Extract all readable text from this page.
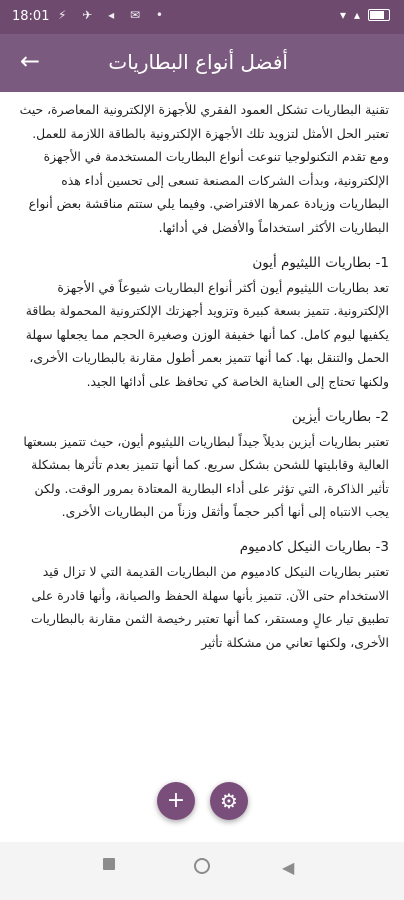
18:01 ⚡ ✈ ◂ ✉ •	▾ ▴
←	أفضل أنواع البطاريات

تقنية البطاريات تشكل العمود الفقري للأجهزة الإلكترونية المعاصرة، حيث تعتبر الحل الأمثل لتزويد تلك الأجهزة الإلكترونية بالطاقة اللازمة للعمل. ومع تقدم التكنولوجيا تنوعت أنواع البطاريات المستخدمة في الأجهزة الإلكترونية، وبدأت الشركات المصنعة تسعى إلى تحسين أداء هذه البطاريات وزيادة عمرها الافتراضي. وفيما يلي ستتم مناقشة بعض أنواع البطاريات الأكثر استخداماً والأفضل في أدائها.

1- بطاريات الليثيوم أيون

تعد بطاريات الليثيوم أيون أكثر أنواع البطاريات شيوعاً في الأجهزة الإلكترونية. تتميز بسعة كبيرة وتزويد أجهزتك الإلكترونية المحمولة بطاقة يكفيها ليوم كامل. كما أنها خفيفة الوزن وصغيرة الحجم مما يجعلها سهلة الحمل والتنقل بها. كما أنها تتميز بعمر أطول مقارنة بالبطاريات الأخرى، ولكنها تحتاج إلى العناية الخاصة كي تحافظ على أدائها الجيد.

2- بطاريات أيزين

تعتبر بطاريات أيزين بديلاً جيداً لبطاريات الليثيوم أيون، حيث تتميز بسعتها العالية وقابليتها للشحن بشكل سريع. كما أنها تتميز بعدم تأثرها بمشكلة تأثير الذاكرة، التي تؤثر على أداء البطارية المعتادة بمرور الوقت. ولكن يجب الانتباه إلى أنها أكبر حجماً وأثقل وزناً من البطاريات الأخرى.

3- بطاريات النيكل كادميوم

تعتبر بطاريات النيكل كادميوم من البطاريات القديمة التي لا تزال قيد الاستخدام حتى الآن. تتميز بأنها سهلة الحفظ والصيانة، وأنها قادرة على تطبيق تيار عالٍ ومستقر، كما أنها تعتبر رخيصة الثمن مقارنة بالبطاريات الأخرى، ولكنها تعاني من مشكلة تأثير

+	⚙
◀
